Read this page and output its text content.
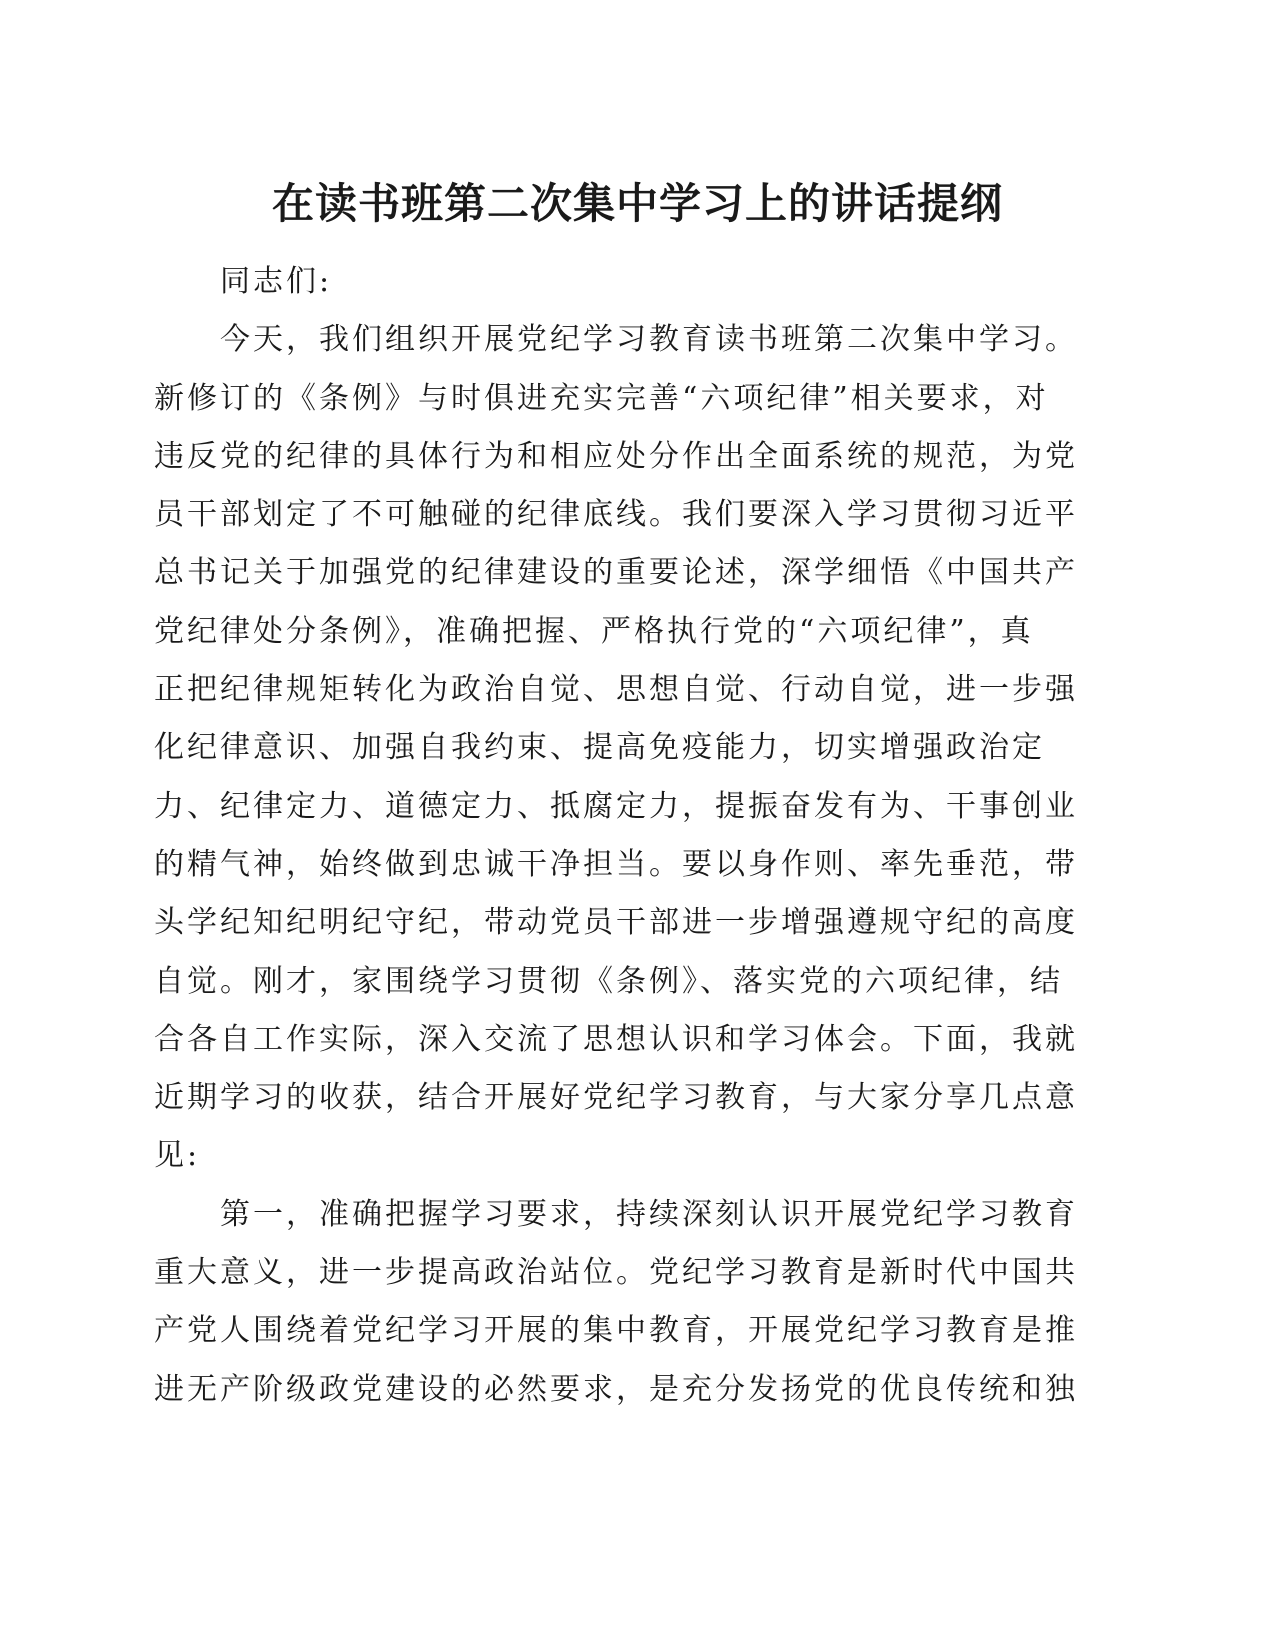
在读书班第二次集中学习上的讲话提纲
同志们:
今天，我们组织开展党纪学习教育读书班第二次集中学习。
新修订的《条例》与时俱进充实完善“六项纪律”相关要求，对
违反党的纪律的具体行为和相应处分作出全面系统的规范，为党
员干部划定了不可触碰的纪律底线。我们要深入学习贯彻习近平
总书记关于加强党的纪律建设的重要论述，深学细悟《中国共产
党纪律处分条例》，准确把握、严格执行党的“六项纪律”，真
正把纪律规矩转化为政治自觉、思想自觉、行动自觉，进一步强
化纪律意识、加强自我约束、提高免疫能力，切实增强政治定
力、纪律定力、道德定力、抵腐定力，提振奋发有为、干事创业
的精气神，始终做到忠诚干净担当。要以身作则、率先垂范，带
头学纪知纪明纪守纪，带动党员干部进一步增强遵规守纪的高度
自觉。刚才，家围绕学习贯彻《条例》、落实党的六项纪律，结
合各自工作实际，深入交流了思想认识和学习体会。下面，我就
近期学习的收获，结合开展好党纪学习教育，与大家分享几点意
见:
第一，准确把握学习要求，持续深刻认识开展党纪学习教育
重大意义，进一步提高政治站位。党纪学习教育是新时代中国共
产党人围绕着党纪学习开展的集中教育，开展党纪学习教育是推
进无产阶级政党建设的必然要求，是充分发扬党的优良传统和独
